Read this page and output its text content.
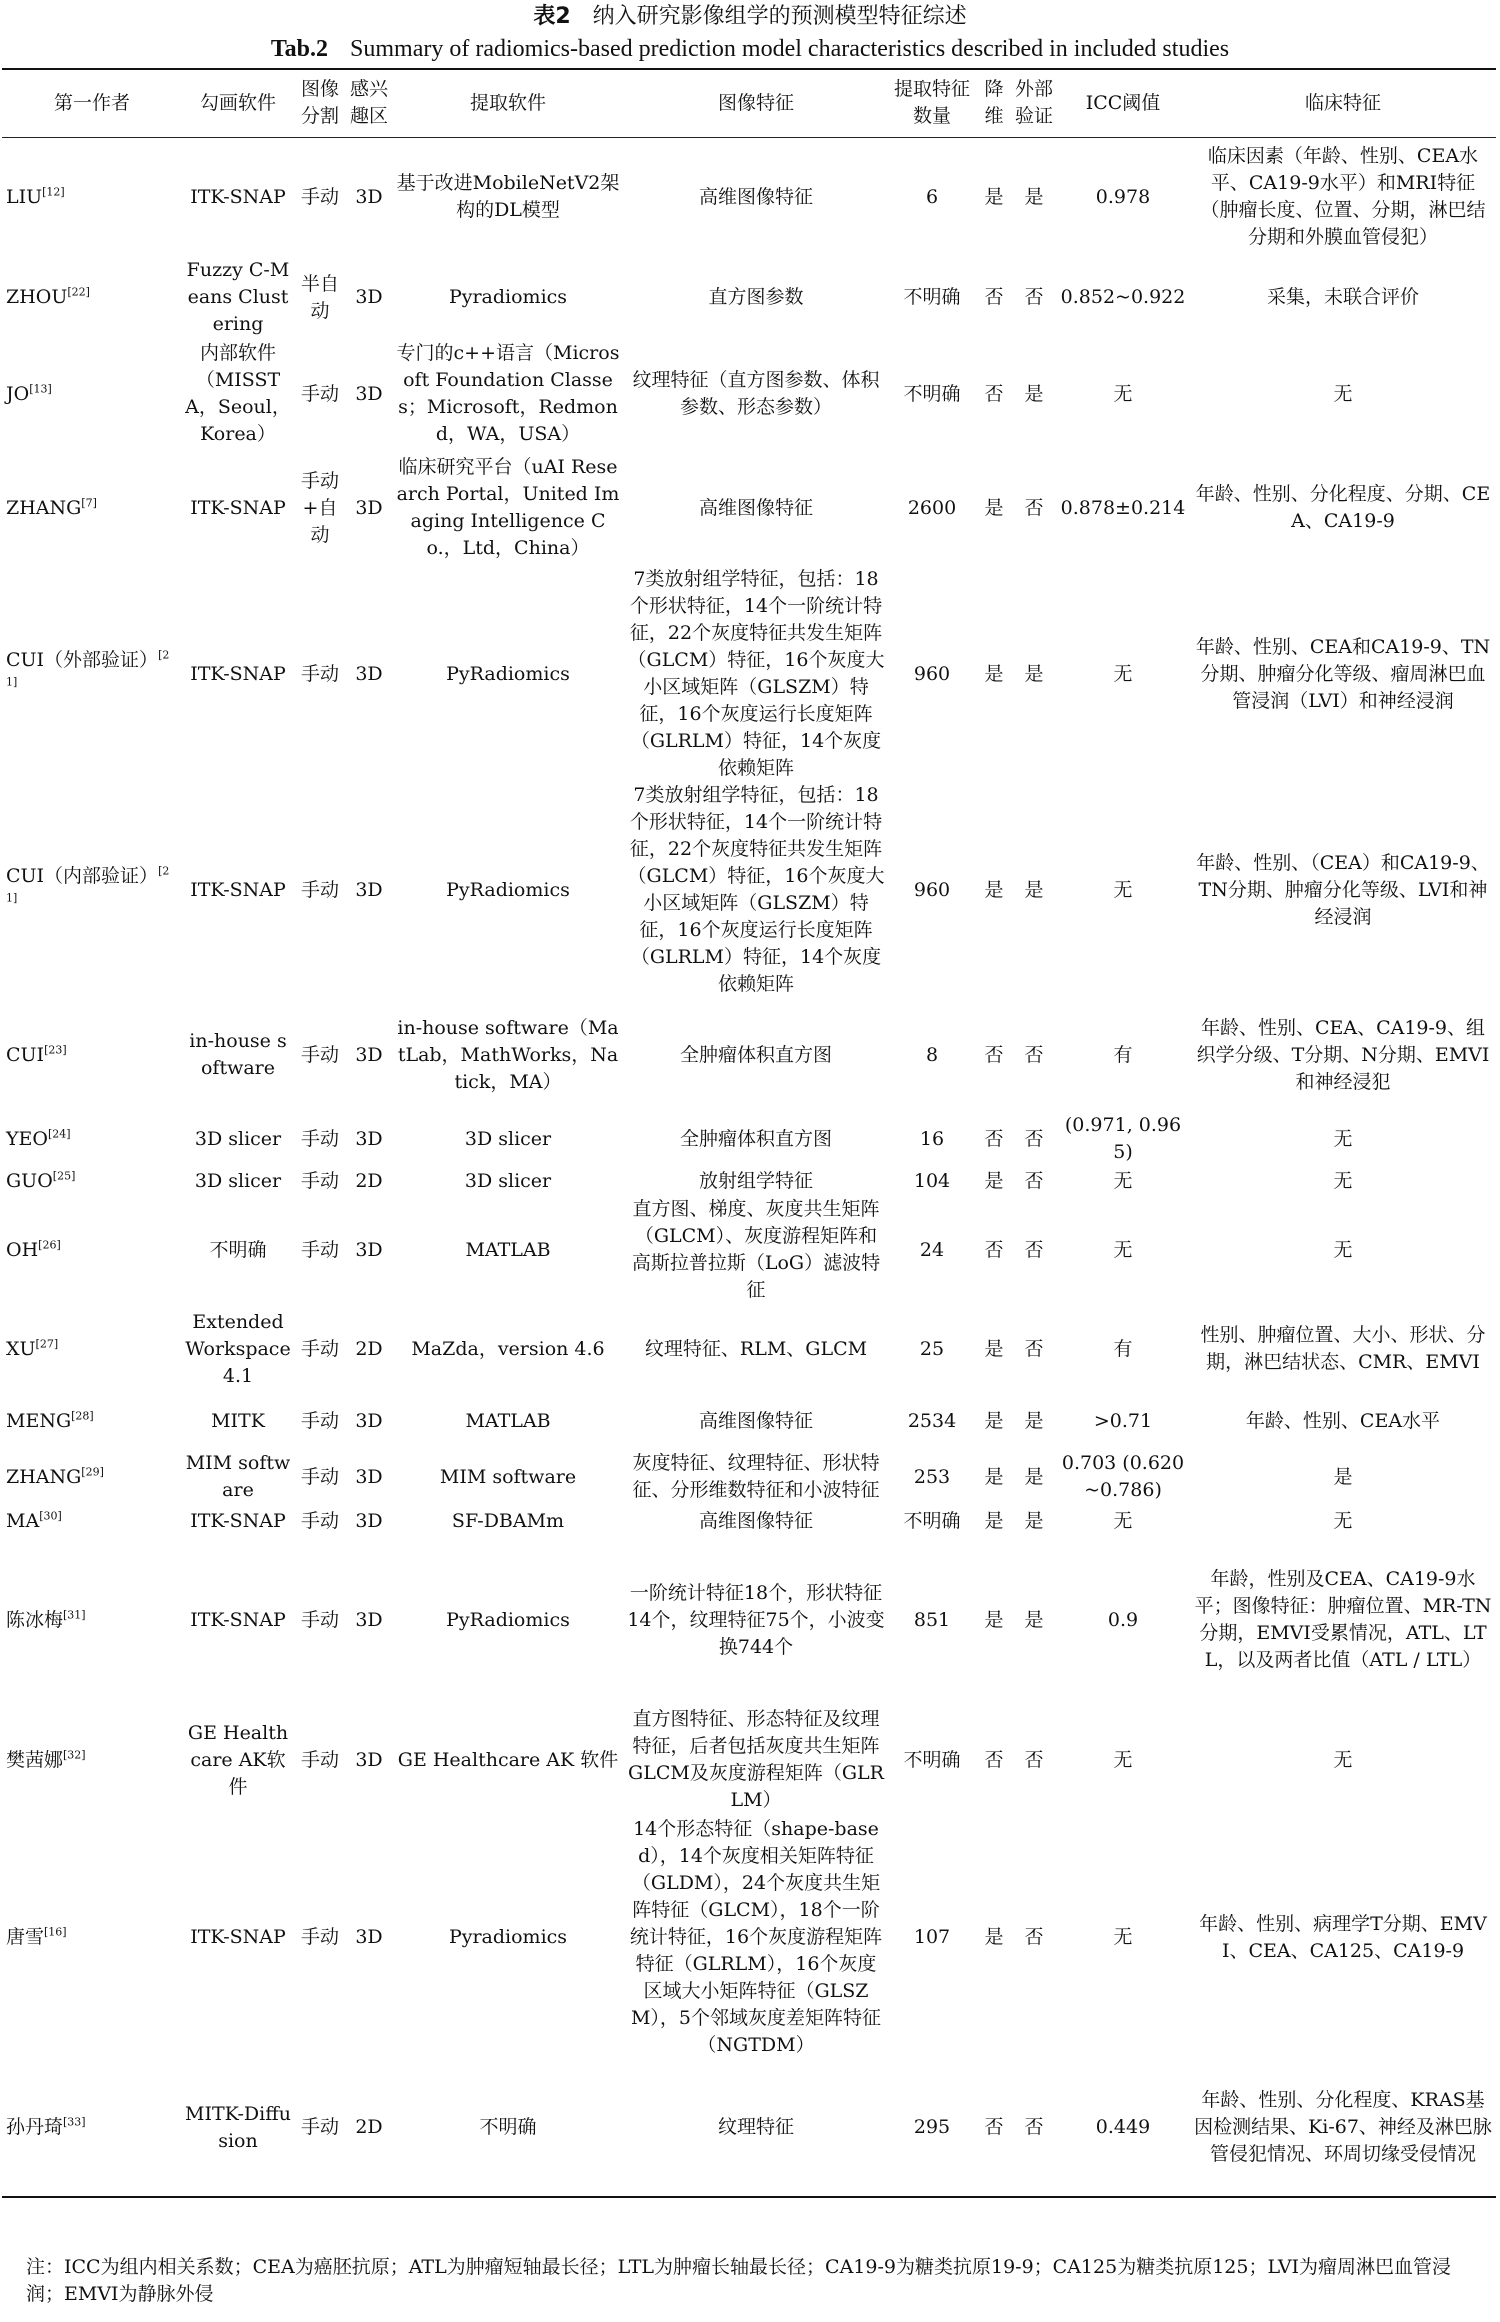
表2 纳入研究影像组学的预测模型特征综述
Tab.2 Summary of radiomics-based prediction model characteristics described in included studies
第一作者	勾画软件	图像分割	感兴趣区	提取软件	图像特征	提取特征数量	降维	外部验证	ICC阈值	临床特征
LIU[12]	ITK-SNAP	手动	3D	基于改进MobileNetV2架构的DL模型	高维图像特征	6	是	是	0.978	临床因素（年龄、性别、CEA水平、CA19-9水平）和MRI特征（肿瘤长度、位置、分期，淋巴结分期和外膜血管侵犯）
ZHOU[22]	Fuzzy C-Means Clustering	半自动	3D	Pyradiomics	直方图参数	不明确	否	否	0.852~0.922	采集，未联合评价
JO[13]	内部软件（MISSTA，Seoul，Korea）	手动	3D	专门的c++语言（Microsoft Foundation Classes；Microsoft，Redmond，WA，USA）	纹理特征（直方图参数、体积参数、形态参数）	不明确	否	是	无	无
ZHANG[7]	ITK-SNAP	手动+自动	3D	临床研究平台（uAI Research Portal，United Imaging Intelligence Co.，Ltd，China）	高维图像特征	2600	是	否	0.878±0.214	年龄、性别、分化程度、分期、CEA、CA19-9
CUI（外部验证）[21]	ITK-SNAP	手动	3D	PyRadiomics	7类放射组学特征，包括：18个形状特征，14个一阶统计特征，22个灰度特征共发生矩阵（GLCM）特征，16个灰度大小区域矩阵（GLSZM）特征，16个灰度运行长度矩阵（GLRLM）特征，14个灰度依赖矩阵	960	是	是	无	年龄、性别、CEA和CA19-9、TN分期、肿瘤分化等级、瘤周淋巴血管浸润（LVI）和神经浸润
CUI（内部验证）[21]	ITK-SNAP	手动	3D	PyRadiomics	7类放射组学特征，包括：18个形状特征，14个一阶统计特征，22个灰度特征共发生矩阵（GLCM）特征，16个灰度大小区域矩阵（GLSZM）特征，16个灰度运行长度矩阵（GLRLM）特征，14个灰度依赖矩阵	960	是	是	无	年龄、性别、（CEA）和CA19-9、TN分期、肿瘤分化等级、LVI和神经浸润
CUI[23]	in-house software	手动	3D	in-house software（MatLab，MathWorks，Natick，MA）	全肿瘤体积直方图	8	否	否	有	年龄、性别、CEA、CA19-9、组织学分级、T分期、N分期、EMVI和神经浸犯
YEO[24]	3D slicer	手动	3D	3D slicer	全肿瘤体积直方图	16	否	否	(0.971, 0.965)	无
GUO[25]	3D slicer	手动	2D	3D slicer	放射组学特征	104	是	否	无	无
OH[26]	不明确	手动	3D	MATLAB	直方图、梯度、灰度共生矩阵（GLCM）、灰度游程矩阵和高斯拉普拉斯（LoG）滤波特征	24	否	否	无	无
XU[27]	Extended Workspace 4.1	手动	2D	MaZda，version 4.6	纹理特征、RLM、GLCM	25	是	否	有	性别、肿瘤位置、大小、形状、分期，淋巴结状态、CMR、EMVI
MENG[28]	MITK	手动	3D	MATLAB	高维图像特征	2534	是	是	>0.71	年龄、性别、CEA水平
ZHANG[29]	MIM software	手动	3D	MIM software	灰度特征、纹理特征、形状特征、分形维数特征和小波特征	253	是	是	0.703 (0.620~0.786)	是
MA[30]	ITK-SNAP	手动	3D	SF-DBAMm	高维图像特征	不明确	是	是	无	无
陈冰梅[31]	ITK-SNAP	手动	3D	PyRadiomics	一阶统计特征18个，形状特征14个，纹理特征75个，小波变换744个	851	是	是	0.9	年龄，性别及CEA、CA19-9水平；图像特征：肿瘤位置、MR-TN分期，EMVI受累情况，ATL、LTL，以及两者比值（ATL / LTL）
樊茜娜[32]	GE Healthcare AK软件	手动	3D	GE Healthcare AK 软件	直方图特征、形态特征及纹理特征，后者包括灰度共生矩阵GLCM及灰度游程矩阵（GLRLM）	不明确	否	否	无	无
唐雪[16]	ITK-SNAP	手动	3D	Pyradiomics	14个形态特征（shape-based），14个灰度相关矩阵特征（GLDM），24个灰度共生矩阵特征（GLCM），18个一阶统计特征，16个灰度游程矩阵特征（GLRLM），16个灰度区域大小矩阵特征（GLSZM），5个邻域灰度差矩阵特征（NGTDM）	107	是	否	无	年龄、性别、病理学T分期、EMVI、CEA、CA125、CA19-9
孙丹琦[33]	MITK-Diffusion	手动	2D	不明确	纹理特征	295	否	否	0.449	年龄、性别、分化程度、KRAS基因检测结果、Ki-67、神经及淋巴脉管侵犯情况、环周切缘受侵情况
注：ICC为组内相关系数；CEA为癌胚抗原；ATL为肿瘤短轴最长径；LTL为肿瘤长轴最长径；CA19-9为糖类抗原19-9；CA125为糖类抗原125；LVI为瘤周淋巴血管浸润；EMVI为静脉外侵
